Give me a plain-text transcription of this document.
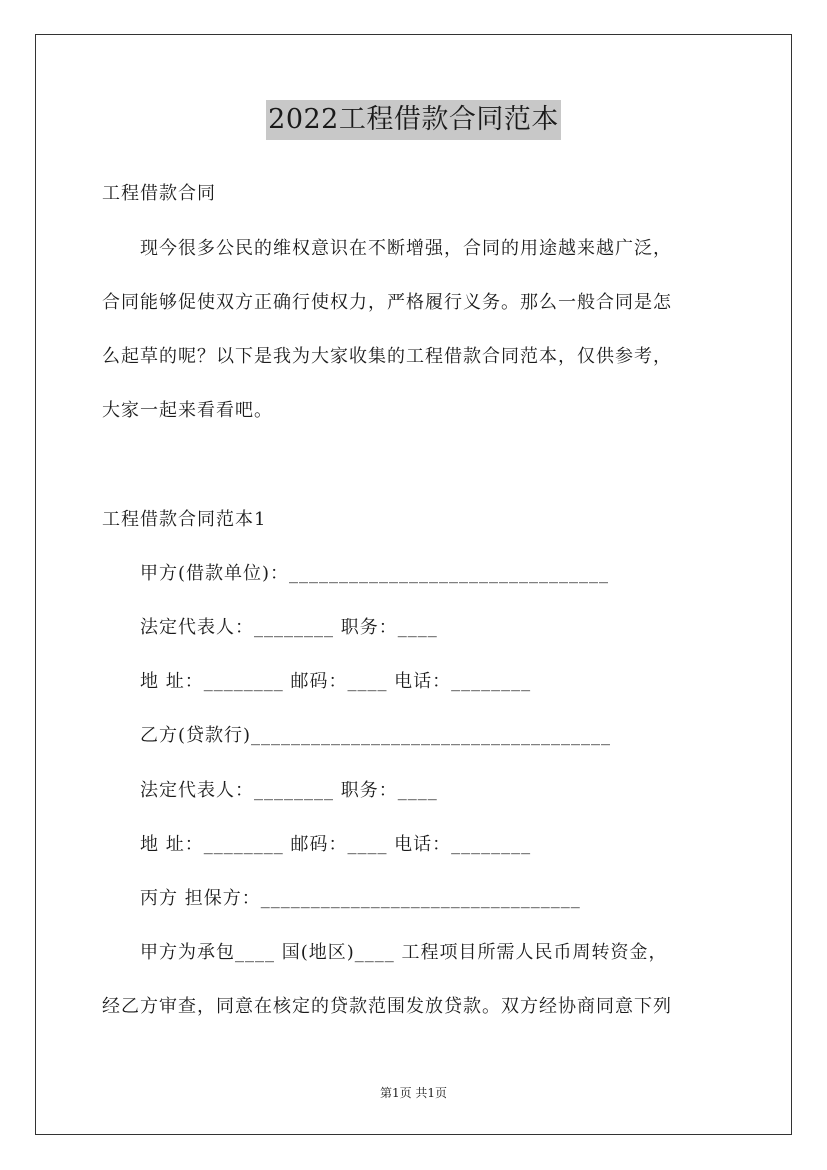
2022工程借款合同范本
工程借款合同
　　现今很多公民的维权意识在不断增强，合同的用途越来越广泛，
合同能够促使双方正确行使权力，严格履行义务。那么一般合同是怎
么起草的呢？以下是我为大家收集的工程借款合同范本，仅供参考，
大家一起来看看吧。
工程借款合同范本1
　　甲方(借款单位)：________________________________
　　法定代表人：________ 职务：____
　　地 址：________ 邮码：____ 电话：________
　　乙方(贷款行)____________________________________
　　法定代表人：________ 职务：____
　　地 址：________ 邮码：____ 电话：________
　　丙方 担保方：________________________________
　　甲方为承包____ 国(地区)____ 工程项目所需人民币周转资金，
经乙方审查，同意在核定的贷款范围发放贷款。双方经协商同意下列
第1页 共1页
